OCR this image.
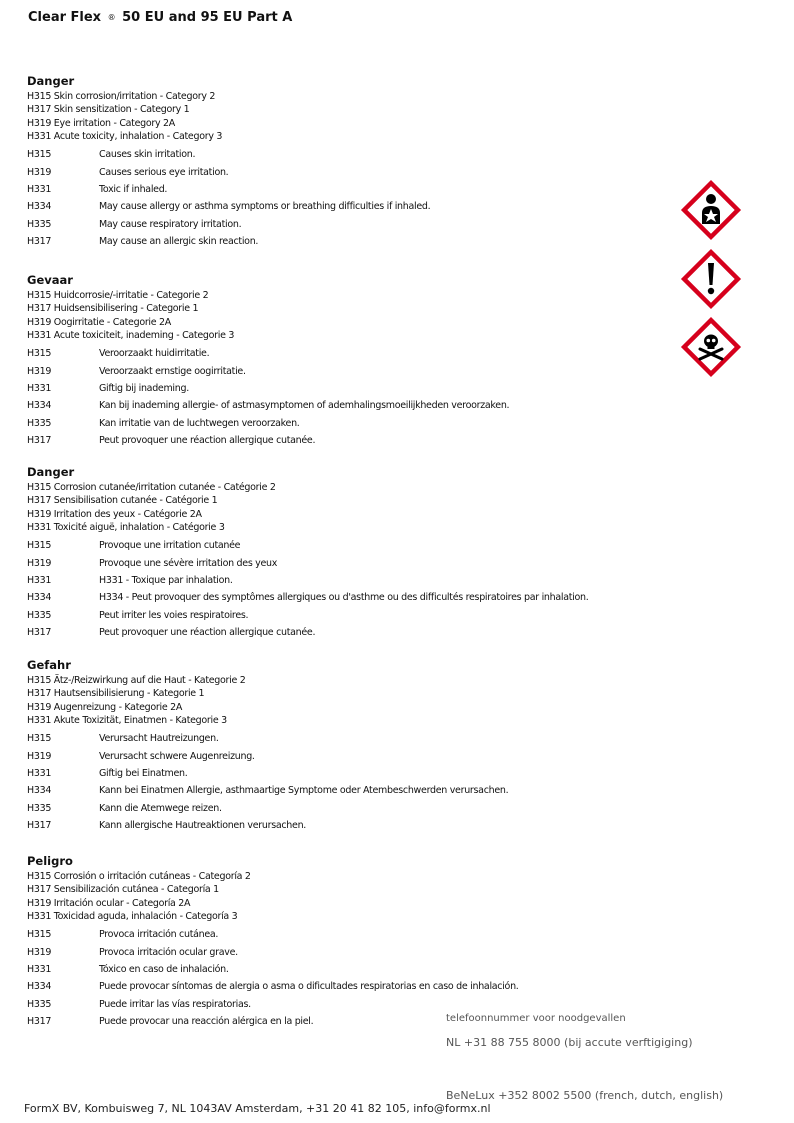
Clear Flex ® 50 EU and 95 EU Part A
Danger
H315 Skin corrosion/irritation - Category 2
H317 Skin sensitization - Category 1
H319 Eye irritation - Category 2A
H331 Acute toxicity, inhalation - Category 3
H315	Causes skin irritation.
H319	Causes serious eye irritation.
H331	Toxic if inhaled.
H334	May cause allergy or asthma symptoms or breathing difficulties if inhaled.
H335	May cause respiratory irritation.
H317	May cause an allergic skin reaction.
Gevaar
H315 Huidcorrosie/-irritatie - Categorie 2
H317 Huidsensibilisering - Categorie 1
H319 Oogirritatie - Categorie 2A
H331 Acute toxiciteit, inademing - Categorie 3
H315	Veroorzaakt huidirritatie.
H319	Veroorzaakt ernstige oogirritatie.
H331	Giftig bij inademing.
H334	Kan bij inademing allergie- of astmasymptomen of ademhalingsmoeilijkheden veroorzaken.
H335	Kan irritatie van de luchtwegen veroorzaken.
H317	Peut provoquer une réaction allergique cutanée.
Danger
H315 Corrosion cutanée/irritation cutanée - Catégorie 2
H317 Sensibilisation cutanée - Catégorie 1
H319 Irritation des yeux - Catégorie 2A
H331 Toxicité aiguë, inhalation - Catégorie 3
H315	Provoque une irritation cutanée
H319	Provoque une sévère irritation des yeux
H331	H331 - Toxique par inhalation.
H334	H334 - Peut provoquer des symptômes allergiques ou d'asthme ou des difficultés respiratoires par inhalation.
H335	Peut irriter les voies respiratoires.
H317	Peut provoquer une réaction allergique cutanée.
Gefahr
H315 Ätz-/Reizwirkung auf die Haut - Kategorie 2
H317 Hautsensibilisierung - Kategorie 1
H319 Augenreizung - Kategorie 2A
H331 Akute Toxizität, Einatmen - Kategorie 3
H315	Verursacht Hautreizungen.
H319	Verursacht schwere Augenreizung.
H331	Giftig bei Einatmen.
H334	Kann bei Einatmen Allergie, asthmaartige Symptome oder Atembeschwerden verursachen.
H335	Kann die Atemwege reizen.
H317	Kann allergische Hautreaktionen verursachen.
Peligro
H315 Corrosión o irritación cutáneas - Categoría 2
H317 Sensibilización cutánea - Categoría 1
H319 Irritación ocular - Categoría 2A
H331 Toxicidad aguda, inhalación - Categoría 3
H315	Provoca irritación cutánea.
H319	Provoca irritación ocular grave.
H331	Tóxico en caso de inhalación.
H334	Puede provocar síntomas de alergia o asma o dificultades respiratorias en caso de inhalación.
H335	Puede irritar las vías respiratorias.
H317	Puede provocar una reacción alérgica en la piel.	telefoonnummer voor noodgevallen
NL +31 88 755 8000 (bij accute verftigiging)
BeNeLux +352 8002 5500 (french, dutch, english)
FormX BV, Kombuisweg 7, NL 1043AV Amsterdam, +31 20 41 82 105, info@formx.nl
